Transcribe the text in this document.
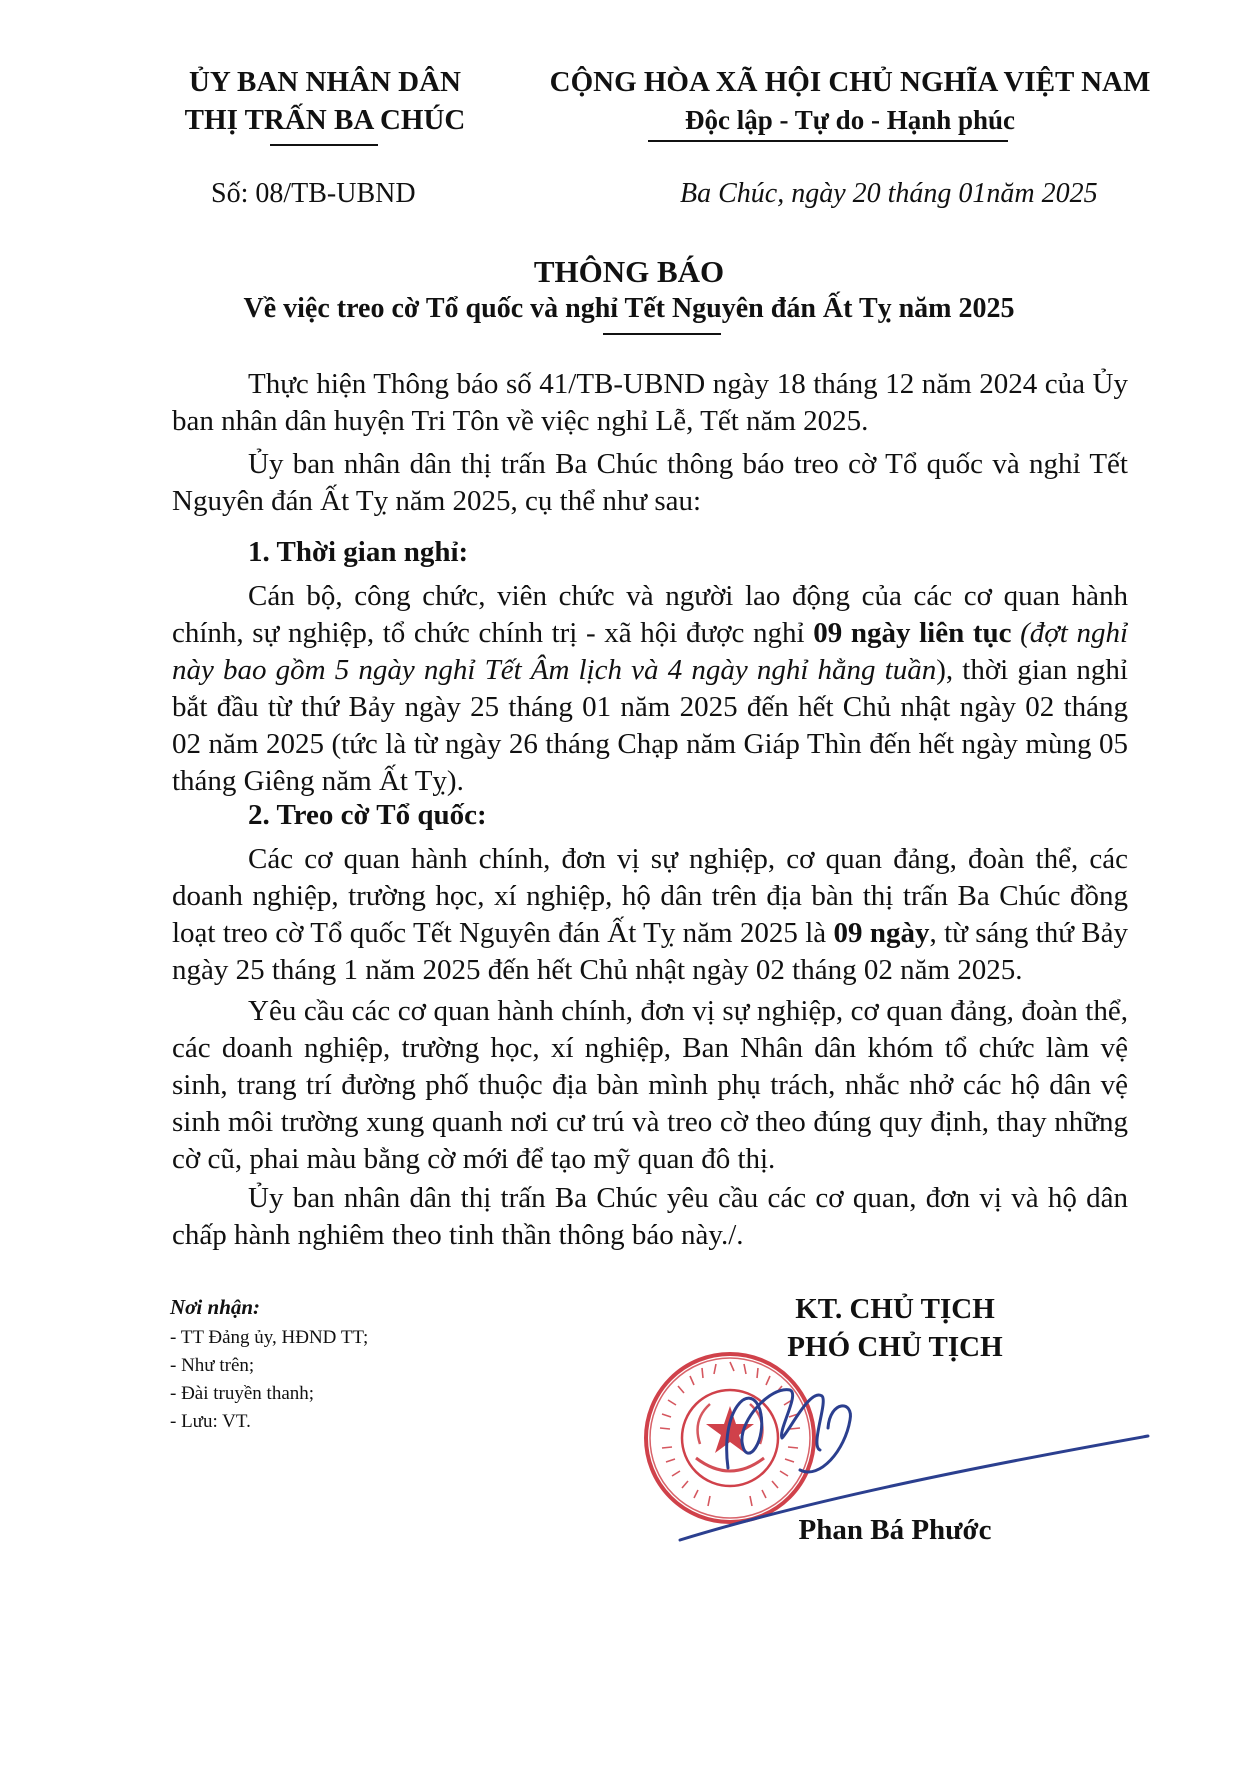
ỦY BAN NHÂN DÂN
THỊ TRẤN BA CHÚC
CỘNG HÒA XÃ HỘI CHỦ NGHĨA VIỆT NAM
Độc lập - Tự do - Hạnh phúc
Số: 08/TB-UBND	Ba Chúc, ngày 20 tháng 01năm 2025
THÔNG BÁO
Về việc treo cờ Tổ quốc và nghỉ Tết Nguyên đán Ất Tỵ năm 2025
Thực hiện Thông báo số 41/TB-UBND ngày 18 tháng 12 năm 2024 của Ủy ban nhân dân huyện Tri Tôn về việc nghỉ Lễ, Tết năm 2025.
Ủy ban nhân dân thị trấn Ba Chúc thông báo treo cờ Tổ quốc và nghỉ Tết Nguyên đán Ất Tỵ năm 2025, cụ thể như sau:
1. Thời gian nghỉ:
Cán bộ, công chức, viên chức và người lao động của các cơ quan hành chính, sự nghiệp, tổ chức chính trị - xã hội được nghỉ 09 ngày liên tục (đợt nghỉ này bao gồm 5 ngày nghỉ Tết Âm lịch và 4 ngày nghỉ hằng tuần), thời gian nghỉ bắt đầu từ thứ Bảy ngày 25 tháng 01 năm 2025 đến hết Chủ nhật ngày 02 tháng 02 năm 2025 (tức là từ ngày 26 tháng Chạp năm Giáp Thìn đến hết ngày mùng 05 tháng Giêng năm Ất Tỵ).
2. Treo cờ Tổ quốc:
Các cơ quan hành chính, đơn vị sự nghiệp, cơ quan đảng, đoàn thể, các doanh nghiệp, trường học, xí nghiệp, hộ dân trên địa bàn thị trấn Ba Chúc đồng loạt treo cờ Tổ quốc Tết Nguyên đán Ất Tỵ năm 2025 là 09 ngày, từ sáng thứ Bảy ngày 25 tháng 1 năm 2025 đến hết Chủ nhật ngày 02 tháng 02 năm 2025.
Yêu cầu các cơ quan hành chính, đơn vị sự nghiệp, cơ quan đảng, đoàn thể, các doanh nghiệp, trường học, xí nghiệp, Ban Nhân dân khóm tổ chức làm vệ sinh, trang trí đường phố thuộc địa bàn mình phụ trách, nhắc nhở các hộ dân vệ sinh môi trường xung quanh nơi cư trú và treo cờ theo đúng quy định, thay những cờ cũ, phai màu bằng cờ mới để tạo mỹ quan đô thị.
Ủy ban nhân dân thị trấn Ba Chúc yêu cầu các cơ quan, đơn vị và hộ dân chấp hành nghiêm theo tinh thần thông báo này./.
Nơi nhận:
- TT Đảng ủy, HĐND TT;
- Như trên;
- Đài truyền thanh;
- Lưu: VT.
KT. CHỦ TỊCH
PHÓ CHỦ TỊCH
Phan Bá Phước
